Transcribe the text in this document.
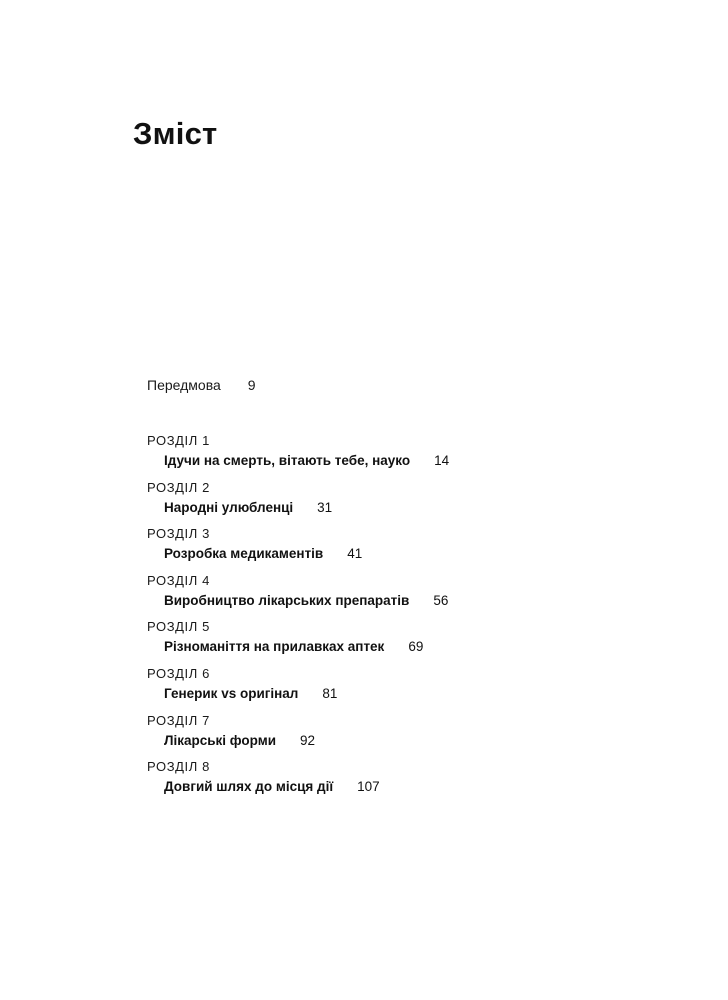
Зміст
Передмова 9
РОЗДІЛ 1
Ідучи на смерть, вітають тебе, науко 14
РОЗДІЛ 2
Народні улюбленці 31
РОЗДІЛ 3
Розробка медикаментів 41
РОЗДІЛ 4
Виробництво лікарських препаратів 56
РОЗДІЛ 5
Різноманіття на прилавках аптек 69
РОЗДІЛ 6
Генерик vs оригінал 81
РОЗДІЛ 7
Лікарські форми 92
РОЗДІЛ 8
Довгий шлях до місця дії 107
